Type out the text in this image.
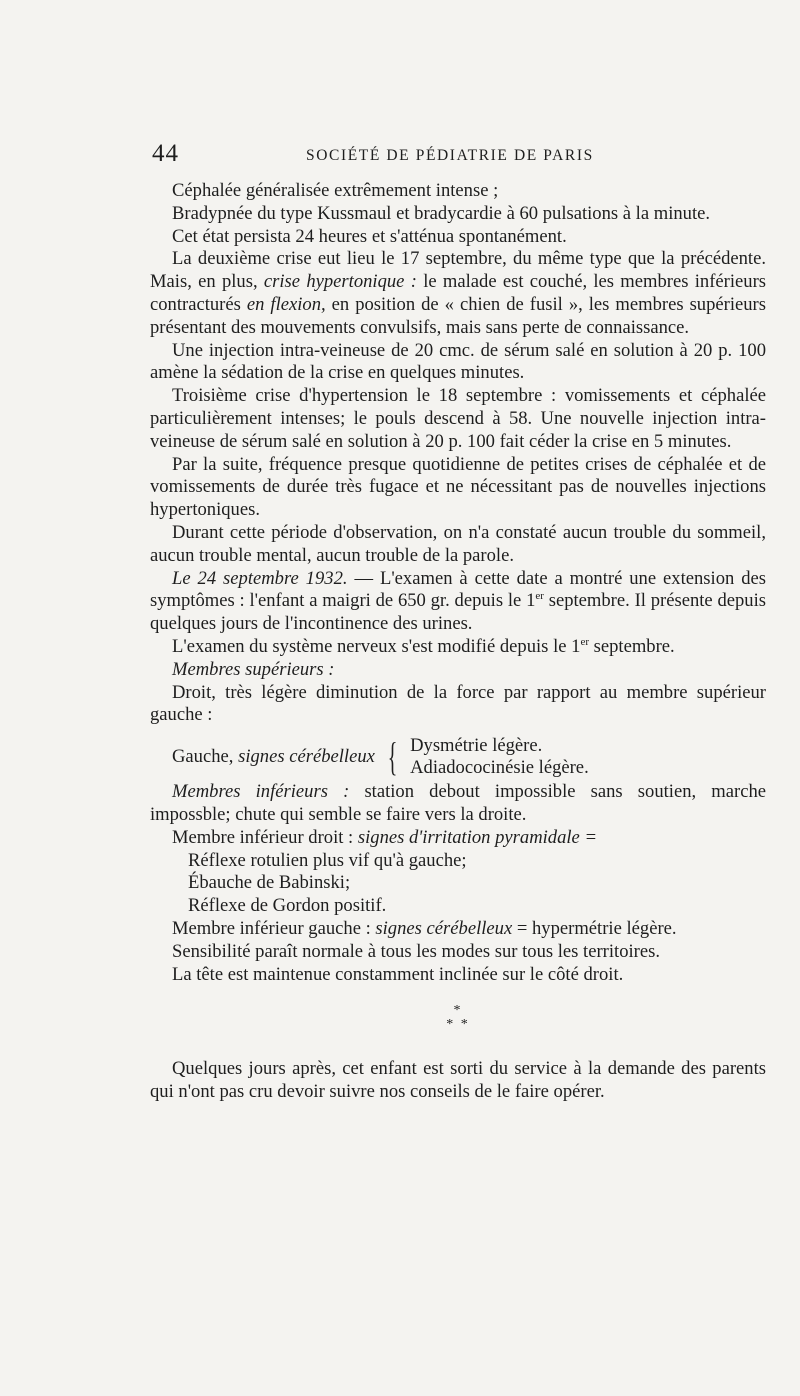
44	SOCIÉTÉ DE PÉDIATRIE DE PARIS

Céphalée généralisée extrêmement intense ;

Bradypnée du type Kussmaul et bradycardie à 60 pulsations à la minute.

Cet état persista 24 heures et s'atténua spontanément.

La deuxième crise eut lieu le 17 septembre, du même type que la précédente. Mais, en plus, crise hypertonique : le malade est couché, les membres inférieurs contracturés en flexion, en position de « chien de fusil », les membres supérieurs présentant des mouvements convulsifs, mais sans perte de connaissance.

Une injection intra-veineuse de 20 cmc. de sérum salé en solution à 20 p. 100 amène la sédation de la crise en quelques minutes.

Troisième crise d'hypertension le 18 septembre : vomissements et céphalée particulièrement intenses; le pouls descend à 58. Une nouvelle injection intra-veineuse de sérum salé en solution à 20 p. 100 fait céder la crise en 5 minutes.

Par la suite, fréquence presque quotidienne de petites crises de céphalée et de vomissements de durée très fugace et ne nécessitant pas de nouvelles injections hypertoniques.

Durant cette période d'observation, on n'a constaté aucun trouble du sommeil, aucun trouble mental, aucun trouble de la parole.

Le 24 septembre 1932. — L'examen à cette date a montré une extension des symptômes : l'enfant a maigri de 650 gr. depuis le 1er septembre. Il présente depuis quelques jours de l'incontinence des urines.

L'examen du système nerveux s'est modifié depuis le 1er septembre.

Membres supérieurs :

Droit, très légère diminution de la force par rapport au membre supérieur gauche :

Gauche, signes cérébelleux { Dysmétrie légère.
Adiadococinésie légère.

Membres inférieurs : station debout impossible sans soutien, marche impossble; chute qui semble se faire vers la droite.

Membre inférieur droit : signes d'irritation pyramidale =

Réflexe rotulien plus vif qu'à gauche;

Ébauche de Babinski;

Réflexe de Gordon positif.

Membre inférieur gauche : signes cérébelleux = hypermétrie légère.

Sensibilité paraît normale à tous les modes sur tous les territoires.

La tête est maintenue constamment inclinée sur le côté droit.

*
* *

Quelques jours après, cet enfant est sorti du service à la demande des parents qui n'ont pas cru devoir suivre nos conseils de le faire opérer.
